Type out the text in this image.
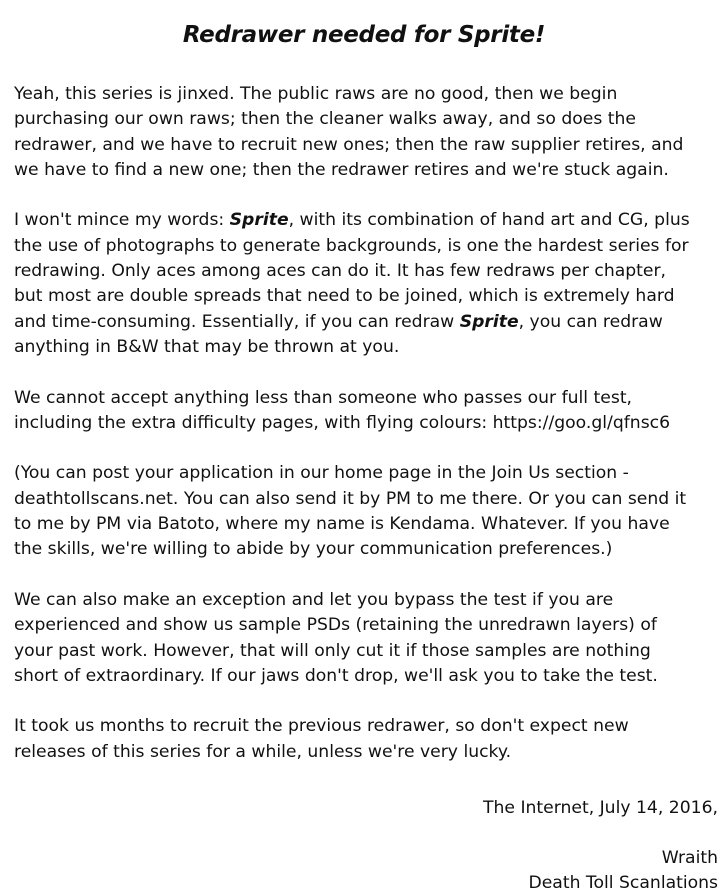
Redrawer needed for Sprite!

Yeah, this series is jinxed. The public raws are no good, then we begin
purchasing our own raws; then the cleaner walks away, and so does the
redrawer, and we have to recruit new ones; then the raw supplier retires, and
we have to find a new one; then the redrawer retires and we're stuck again.

I won't mince my words: Sprite, with its combination of hand art and CG, plus
the use of photographs to generate backgrounds, is one the hardest series for
redrawing. Only aces among aces can do it. It has few redraws per chapter,
but most are double spreads that need to be joined, which is extremely hard
and time-consuming. Essentially, if you can redraw Sprite, you can redraw
anything in B&W that may be thrown at you.

We cannot accept anything less than someone who passes our full test,
including the extra difficulty pages, with flying colours: https://goo.gl/qfnsc6

(You can post your application in our home page in the Join Us section -
deathtollscans.net. You can also send it by PM to me there. Or you can send it
to me by PM via Batoto, where my name is Kendama. Whatever. If you have
the skills, we're willing to abide by your communication preferences.)

We can also make an exception and let you bypass the test if you are
experienced and show us sample PSDs (retaining the unredrawn layers) of
your past work. However, that will only cut it if those samples are nothing
short of extraordinary. If our jaws don't drop, we'll ask you to take the test.

It took us months to recruit the previous redrawer, so don't expect new
releases of this series for a while, unless we're very lucky.

The Internet, July 14, 2016,
Wraith
Death Toll Scanlations
